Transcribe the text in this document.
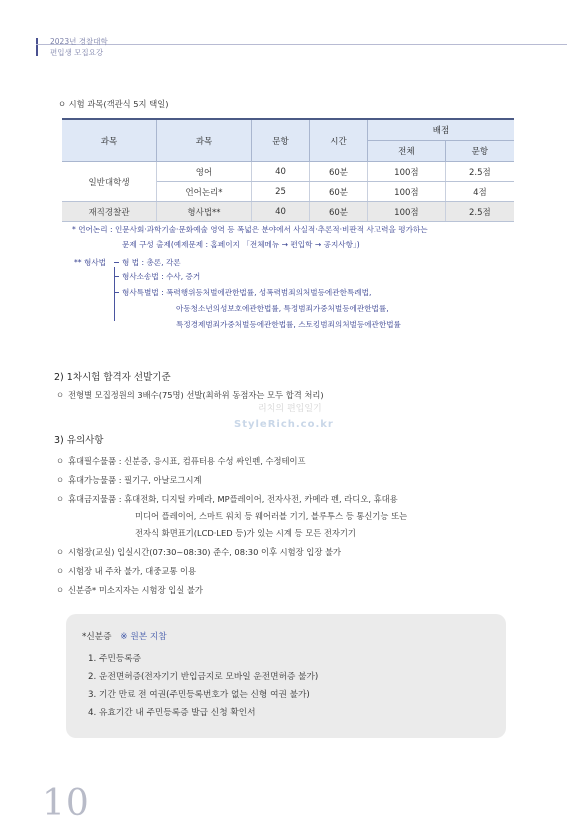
2023년 경찰대학
편입생 모집요강
ㅇ 시험 과목(객관식 5지 택일)
과목	과목	문항	시간	배점	
				전체	문항
일반대학생	영어	40	60분	100점	2.5점
	언어논리*	25	60분	100점	4점
재직경찰관	형사법**	40	60분	100점	2.5점
* 언어논리 : 인문사회·과학기술·문화예술 영역 등 폭넓은 분야에서 사실적·추론적·비판적 사고력을 평가하는
문제 구성 출제(예제문제 : 홈페이지 「전체메뉴 → 편입학 → 공지사항」)
** 형사법 형 법 : 총론, 각론
형사소송법 : 수사, 증거
형사특별법 : 폭력행위등처벌에관한법률, 성폭력범죄의처벌등에관한특례법,
아동청소년의성보호에관한법률, 특정범죄가중처벌등에관한법률,
특정경제범죄가중처벌등에관한법률, 스토킹범죄의처벌등에관한법률
2) 1차시험 합격자 선발기준
ㅇ 전형별 모집정원의 3배수(75명) 선발(최하위 동점자는 모두 합격 처리)
리치의 편입일기
StyleRich.co.kr
3) 유의사항
ㅇ 휴대필수물품 : 신분증, 응시표, 컴퓨터용 수성 싸인펜, 수정테이프
ㅇ 휴대가능물품 : 필기구, 아날로그시계
ㅇ 휴대금지물품 : 휴대전화, 디지털 카메라, MP플레이어, 전자사전, 카메라 펜, 라디오, 휴대용
미디어 플레이어, 스마트 워치 등 웨어러블 기기, 블루투스 등 통신기능 또는
전자식 화면표기(LCD·LED 등)가 있는 시계 등 모든 전자기기
ㅇ 시험장(교실) 입실시간(07:30~08:30) 준수, 08:30 이후 시험장 입장 불가
ㅇ 시험장 내 주차 불가, 대중교통 이용
ㅇ 신분증* 미소지자는 시험장 입실 불가
*신분증 ※ 원본 지참
1. 주민등록증
2. 운전면허증(전자기기 반입금지로 모바일 운전면허증 불가)
3. 기간 만료 전 여권(주민등록번호가 없는 신형 여권 불가)
4. 유효기간 내 주민등록증 발급 신청 확인서
10
